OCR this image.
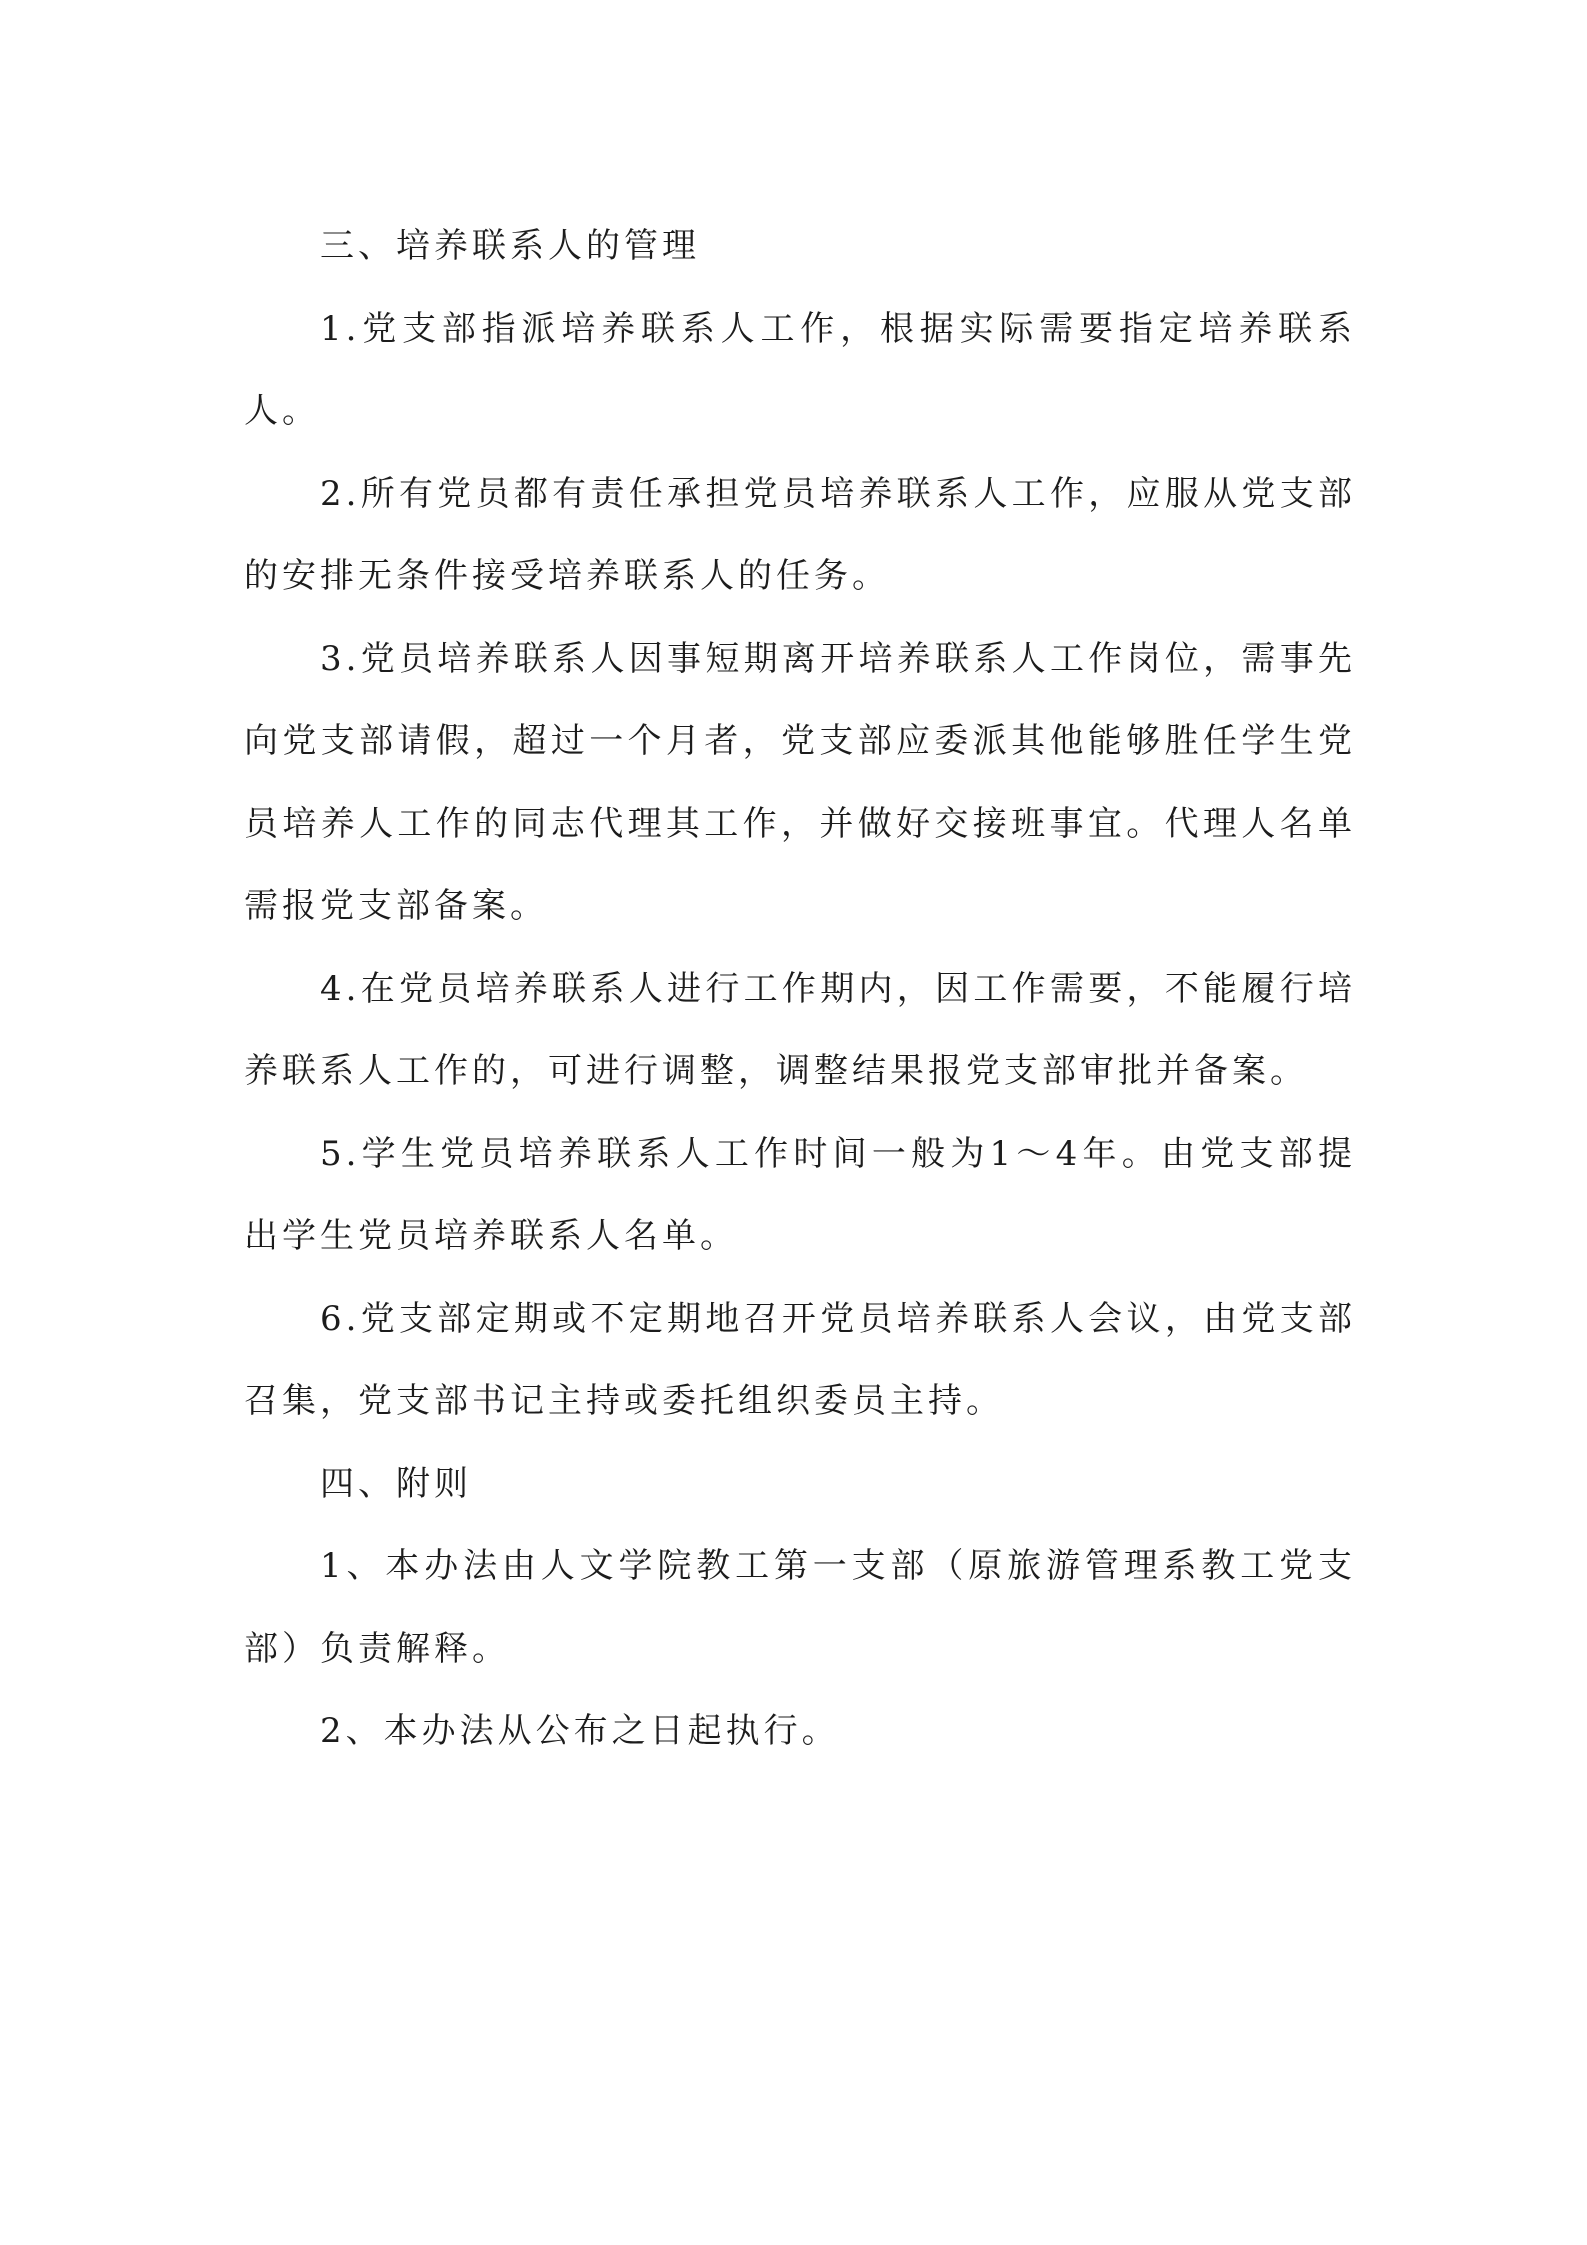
三、培养联系人的管理

1.党支部指派培养联系人工作，根据实际需要指定培养联系人。

2.所有党员都有责任承担党员培养联系人工作，应服从党支部的安排无条件接受培养联系人的任务。

3.党员培养联系人因事短期离开培养联系人工作岗位，需事先向党支部请假，超过一个月者，党支部应委派其他能够胜任学生党员培养人工作的同志代理其工作，并做好交接班事宜。代理人名单需报党支部备案。

4.在党员培养联系人进行工作期内，因工作需要，不能履行培养联系人工作的，可进行调整，调整结果报党支部审批并备案。

5.学生党员培养联系人工作时间一般为1～4年。由党支部提出学生党员培养联系人名单。

6.党支部定期或不定期地召开党员培养联系人会议，由党支部召集，党支部书记主持或委托组织委员主持。

四、附则

1、本办法由人文学院教工第一支部（原旅游管理系教工党支部）负责解释。

2、本办法从公布之日起执行。
